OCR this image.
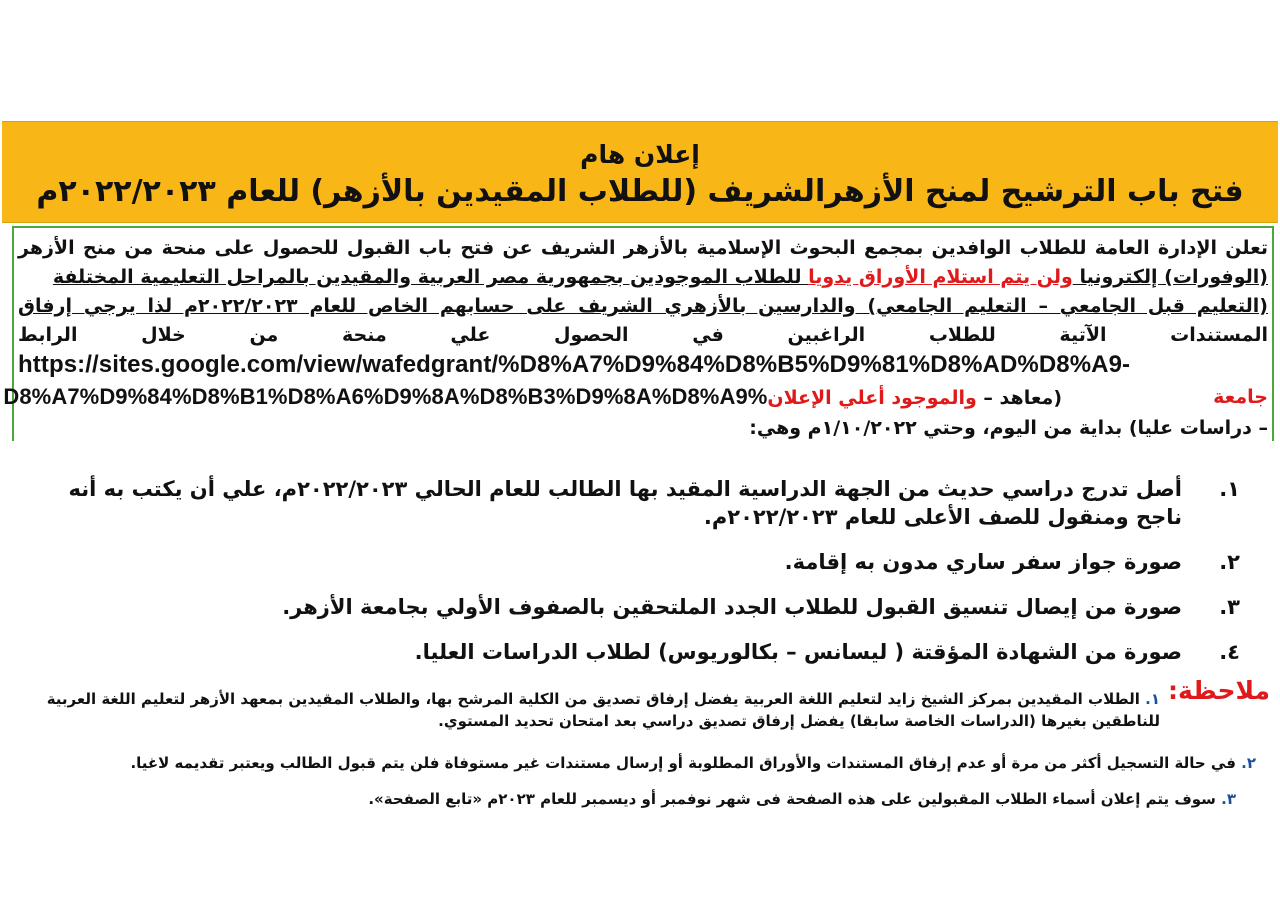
إعلان هام
فتح باب الترشيح لمنح الأزهرالشريف (للطلاب المقيدين بالأزهر) للعام ٢٠٢٢/٢٠٢٣م
تعلن الإدارة العامة للطلاب الوافدين بمجمع البحوث الإسلامية بالأزهر الشريف عن فتح باب القبول للحصول على منحة من منح الأزهر
(الوفورات) إلكترونيا ولن يتم استلام الأوراق يدويا للطلاب الموجودين بجمهورية مصر العربية والمقيدين بالمراحل التعليمية المختلفة
(التعليم قبل الجامعي – التعليم الجامعي) والدارسين بالأزهري الشريف على حسابهم الخاص للعام ٢٠٢٢/٢٠٢٣م لذا يرجي إرفاق
المستندات الآتية للطلاب الراغبين في الحصول علي منحة من خلال الرابط
https://sites.google.com/view/wafedgrant/%D8%A7%D9%84%D8%B5%D9%81%D8%AD%D8%A9-
جامعة
(معاهد – والموجود أعلي الإعلان%D8%A7%D9%84%D8%B1%D8%A6%D9%8A%D8%B3%D9%8A%D8%A9
– دراسات عليا) بداية من اليوم، وحتي ١/١٠/٢٠٢٢م وهي:
١.
أصل تدرج دراسي حديث من الجهة الدراسية المقيد بها الطالب للعام الحالي ٢٠٢٢/٢٠٢٣م، علي أن يكتب به أنه ناجح ومنقول للصف الأعلى للعام ٢٠٢٢/٢٠٢٣م.
٢.
صورة جواز سفر ساري مدون به إقامة.
٣.
صورة من إيصال تنسيق القبول للطلاب الجدد الملتحقين بالصفوف الأولي بجامعة الأزهر.
٤.
صورة من الشهادة المؤقتة ( ليسانس – بكالوريوس) لطلاب الدراسات العليا.
ملاحظة:
١. الطلاب المقيدين بمركز الشيخ زايد لتعليم اللغة العربية يفضل إرفاق تصديق من الكلية المرشح بها، والطلاب المقيدين بمعهد الأزهر لتعليم اللغة العربية للناطقين بغيرها (الدراسات الخاصة سابقا) يفضل إرفاق تصديق دراسي بعد امتحان تحديد المستوي.
٢. في حالة التسجيل أكثر من مرة أو عدم إرفاق المستندات والأوراق المطلوبة أو إرسال مستندات غير مستوفاة فلن يتم قبول الطالب ويعتبر تقديمه لاغيا.
٣. سوف يتم إعلان أسماء الطلاب المقبولين على هذه الصفحة فى شهر نوفمبر أو ديسمبر للعام ٢٠٢٣م «تابع الصفحة».
